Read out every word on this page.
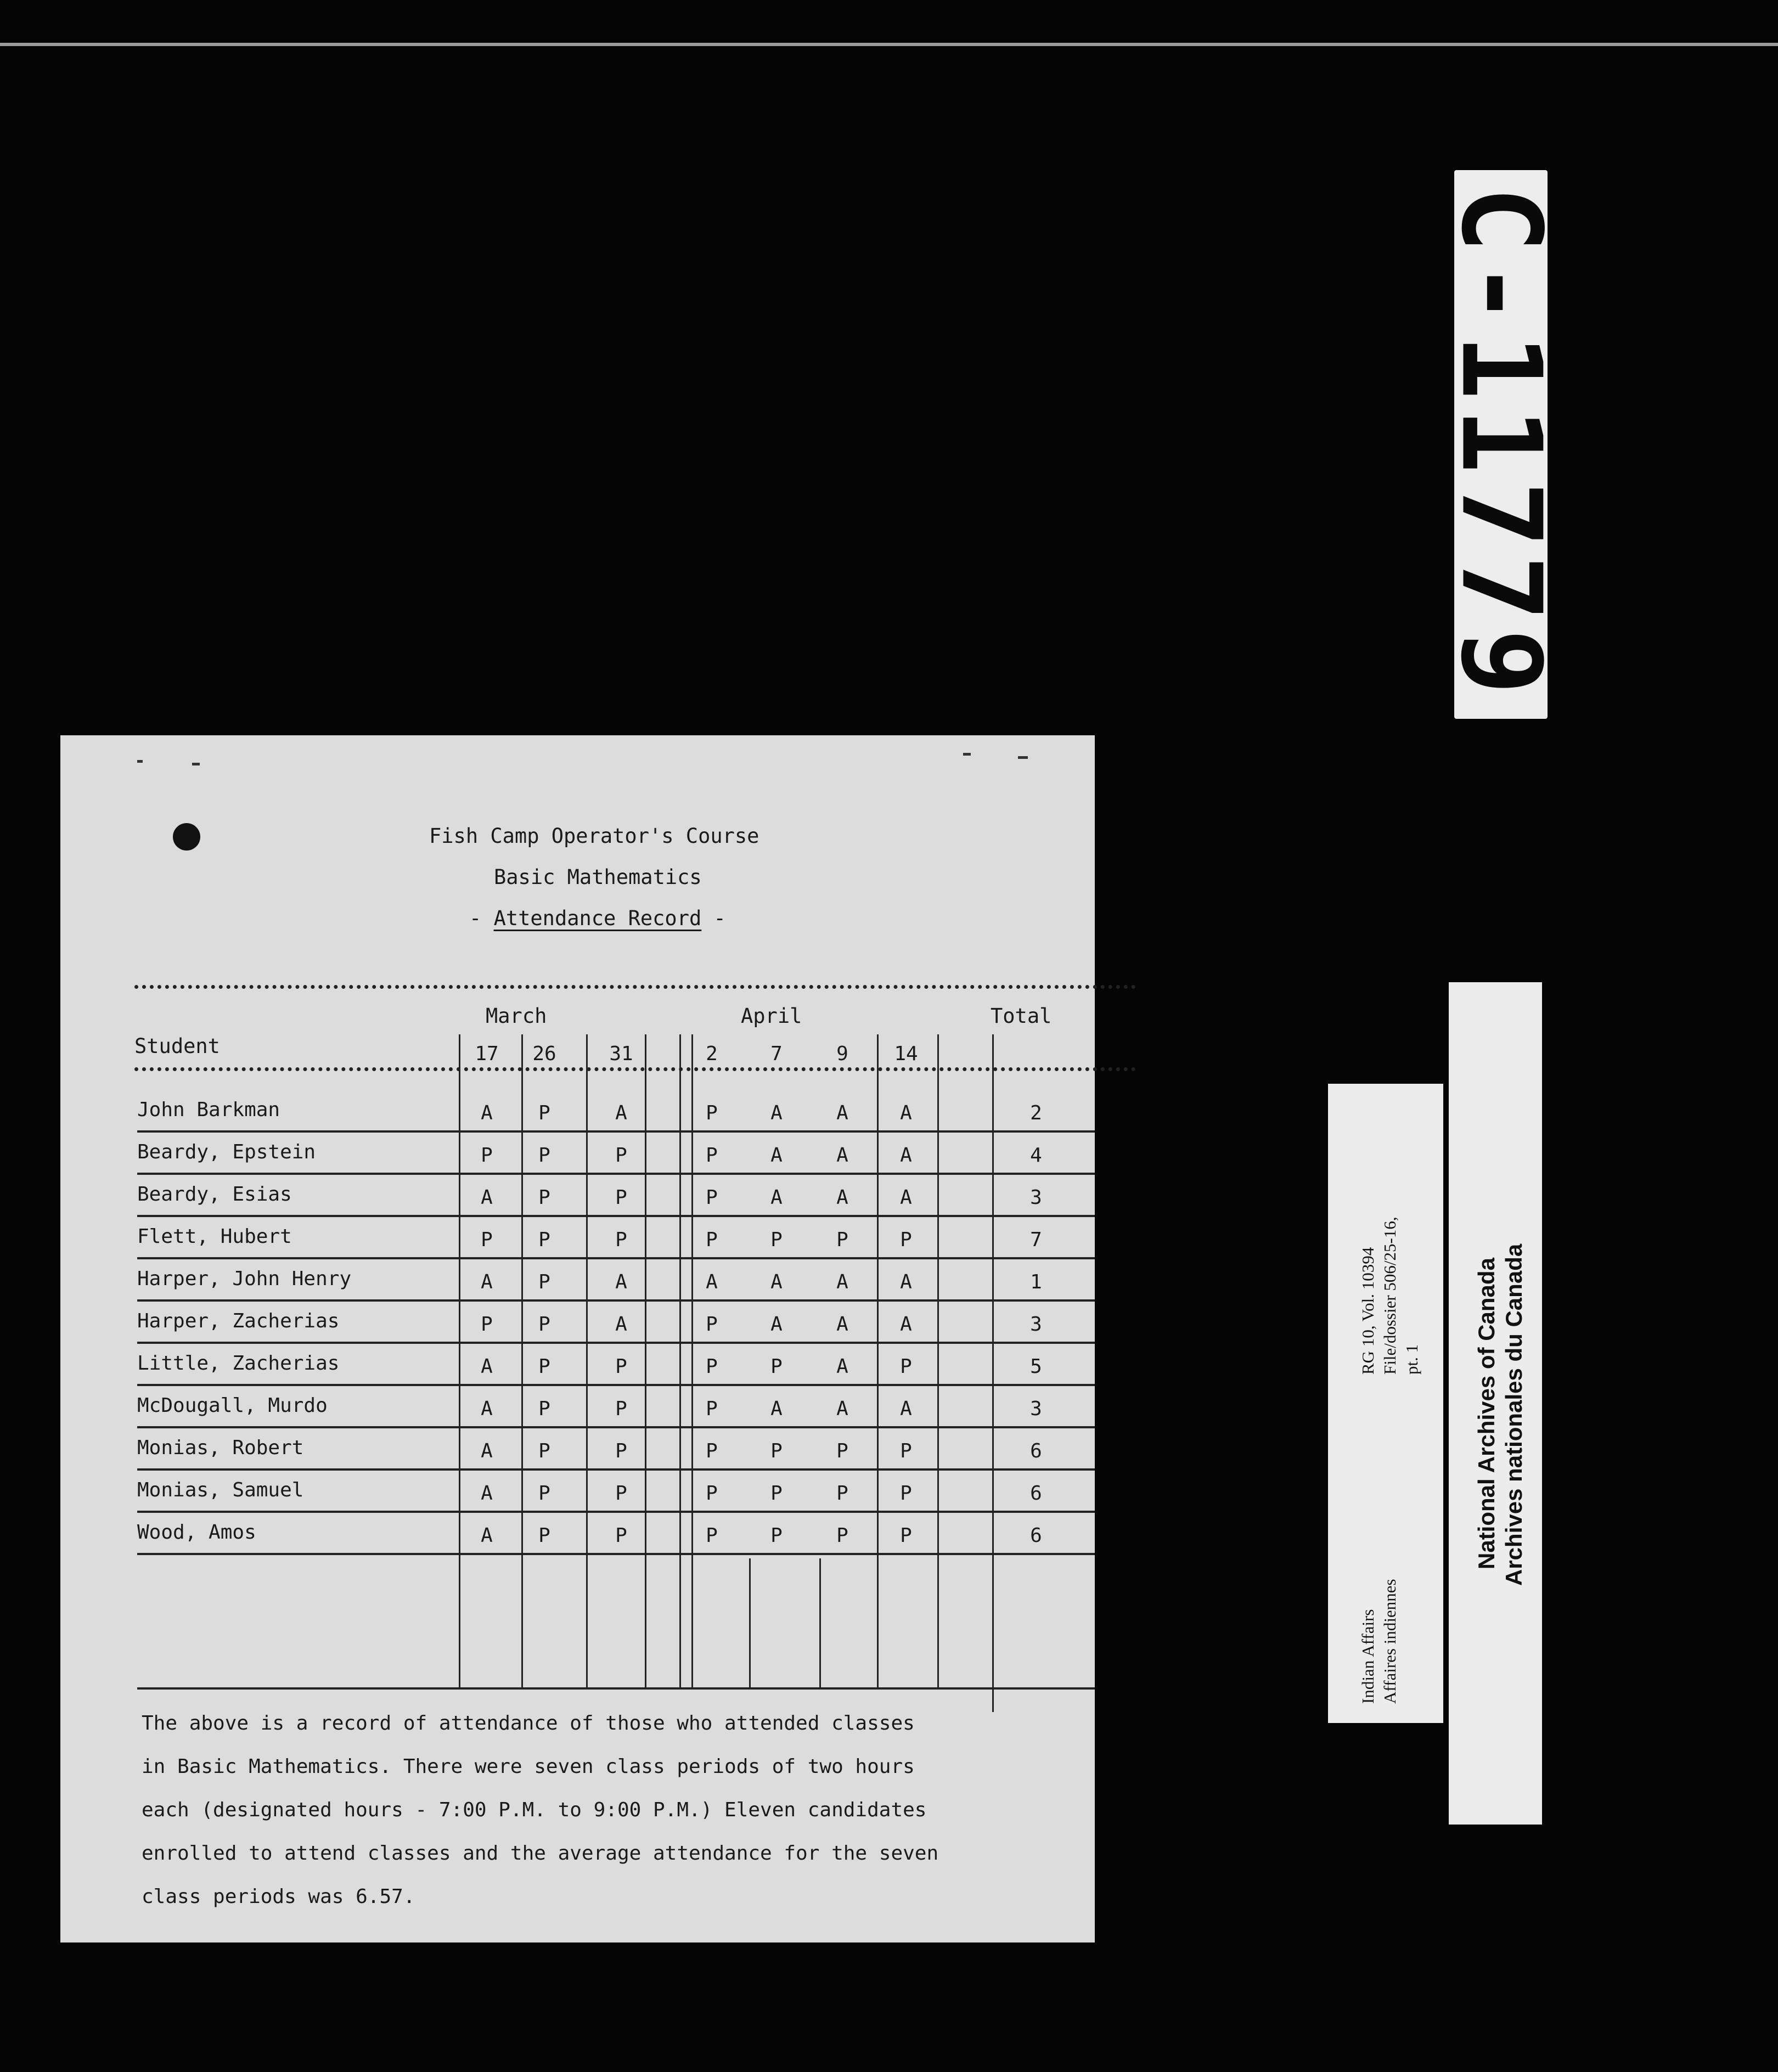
C-11779
Fish Camp Operator's Course
Basic Mathematics
- Attendance Record -
March	April	Total
Student	17 26	31	2	7	9	14
John Barkman	A	P	A	P	A	A	A	2
Beardy, Epstein	P	P	P	P	A	A	A	4
Beardy, Esias	A	P	P	P	A	A	A	3
Flett, Hubert	P	P	P	P	P	P	P	7
Harper, John Henry	A	P	A	A	A	A	A	1
Harper, Zacherias	P	P	A	P	A	A	A	3
Little, Zacherias	A	P	P	P	P	A	P	5
McDougall, Murdo	A	P	P	P	A	A	A	3
Monias, Robert	A	P	P	P	P	P	P	6
Monias, Samuel	A	P	P	P	P	P	P	6
Wood, Amos	A	P	P	P	P	P	P	6
The above is a record of attendance of those who attended classes
in Basic Mathematics. There were seven class periods of two hours
each (designated hours - 7:00 P.M. to 9:00 P.M.) Eleven candidates
enrolled to attend classes and the average attendance for the seven
class periods was 6.57.
Indian Affairs Affaires indiennes
RG 10, Vol. 10394 File/dossier 506/25-16, pt. 1 National Archives of Canada Archives nationales du Canada
